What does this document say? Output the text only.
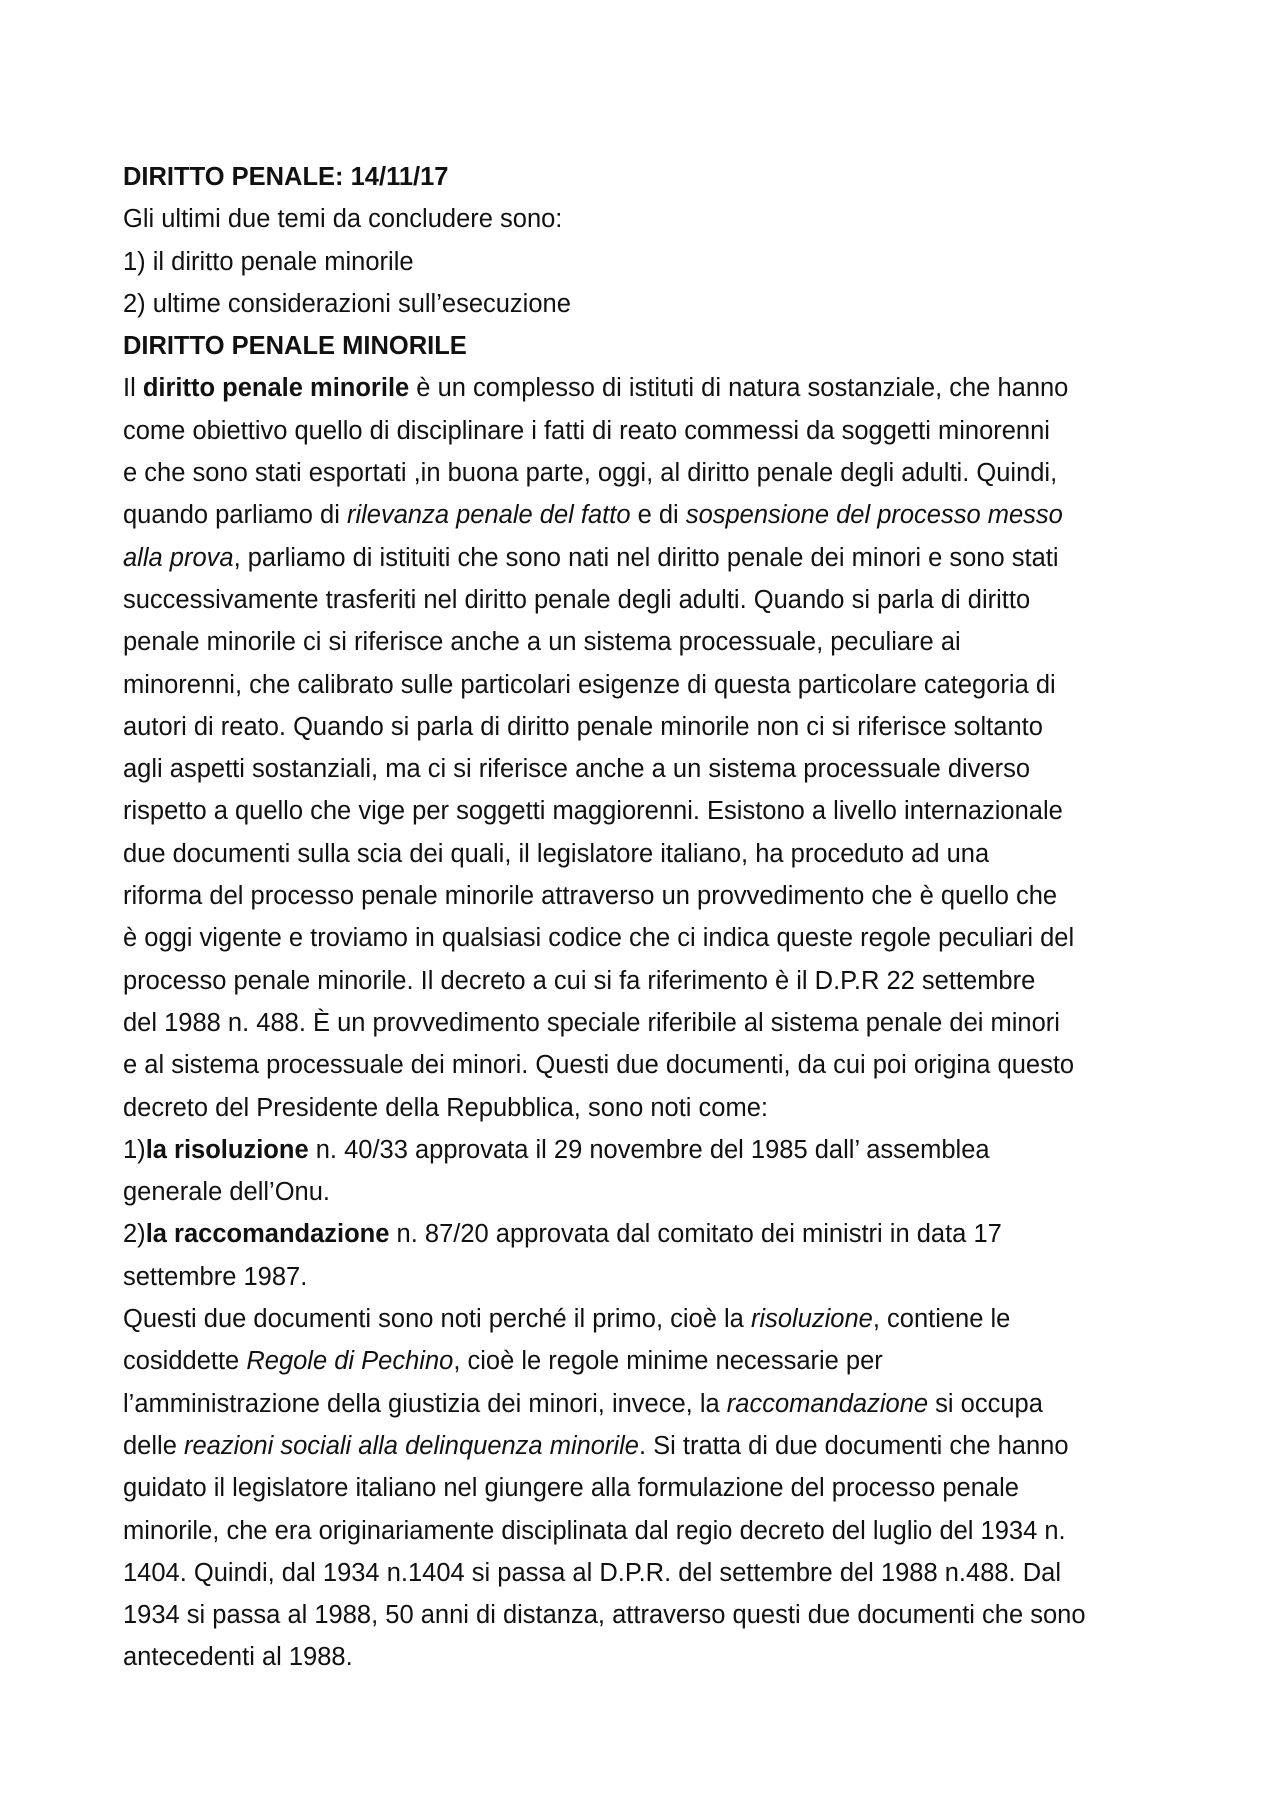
DIRITTO PENALE: 14/11/17
Gli ultimi due temi da concludere sono:
1) il diritto penale minorile
2) ultime considerazioni sull’esecuzione
DIRITTO PENALE MINORILE
Il diritto penale minorile è un complesso di istituti di natura sostanziale, che hanno
come obiettivo quello di disciplinare i fatti di reato commessi da soggetti minorenni
e che sono stati esportati ,in buona parte, oggi, al diritto penale degli adulti. Quindi,
quando parliamo di rilevanza penale del fatto e di sospensione del processo messo
alla prova, parliamo di istituiti che sono nati nel diritto penale dei minori e sono stati
successivamente trasferiti nel diritto penale degli adulti. Quando si parla di diritto
penale minorile ci si riferisce anche a un sistema processuale, peculiare ai
minorenni, che calibrato sulle particolari esigenze di questa particolare categoria di
autori di reato. Quando si parla di diritto penale minorile non ci si riferisce soltanto
agli aspetti sostanziali, ma ci si riferisce anche a un sistema processuale diverso
rispetto a quello che vige per soggetti maggiorenni. Esistono a livello internazionale
due documenti sulla scia dei quali, il legislatore italiano, ha proceduto ad una
riforma del processo penale minorile attraverso un provvedimento che è quello che
è oggi vigente e troviamo in qualsiasi codice che ci indica queste regole peculiari del
processo penale minorile. Il decreto a cui si fa riferimento è il D.P.R 22 settembre
del 1988 n. 488. È un provvedimento speciale riferibile al sistema penale dei minori
e al sistema processuale dei minori. Questi due documenti, da cui poi origina questo
decreto del Presidente della Repubblica, sono noti come:
1)la risoluzione n. 40/33 approvata il 29 novembre del 1985 dall’ assemblea
generale dell’Onu.
2)la raccomandazione n. 87/20 approvata dal comitato dei ministri in data 17
settembre 1987.
Questi due documenti sono noti perché il primo, cioè la risoluzione, contiene le
cosiddette Regole di Pechino, cioè le regole minime necessarie per
l’amministrazione della giustizia dei minori, invece, la raccomandazione si occupa
delle reazioni sociali alla delinquenza minorile. Si tratta di due documenti che hanno
guidato il legislatore italiano nel giungere alla formulazione del processo penale
minorile, che era originariamente disciplinata dal regio decreto del luglio del 1934 n.
1404. Quindi, dal 1934 n.1404 si passa al D.P.R. del settembre del 1988 n.488. Dal
1934 si passa al 1988, 50 anni di distanza, attraverso questi due documenti che sono
antecedenti al 1988.
